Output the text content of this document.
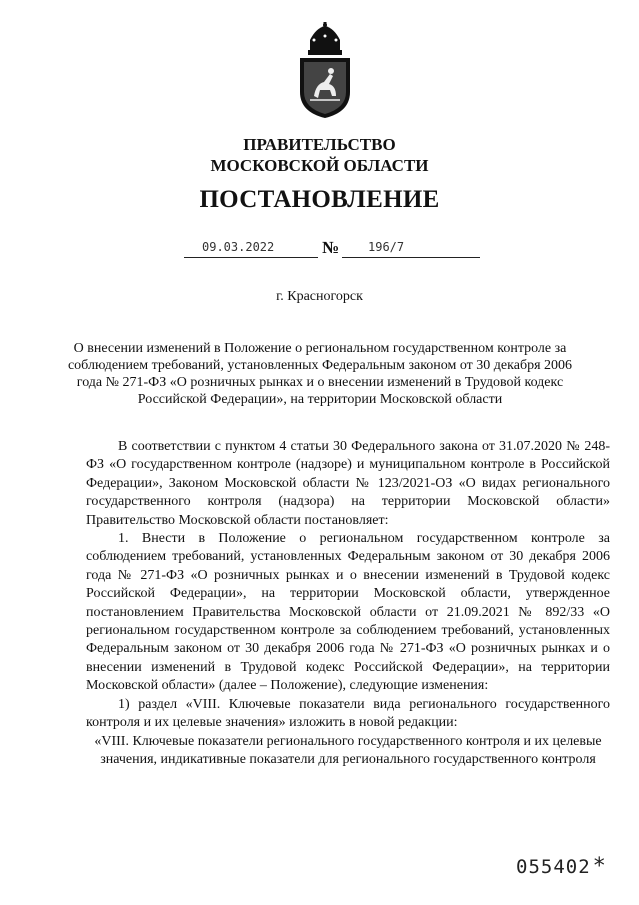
ПРАВИТЕЛЬСТВО
МОСКОВСКОЙ ОБЛАСТИ
ПОСТАНОВЛЕНИЕ
09.03.2022	№ 196/7
г. Красногорск
О внесении изменений в Положение о региональном государственном контроле за соблюдением требований, установленных Федеральным законом от 30 декабря 2006 года № 271-ФЗ «О розничных рынках и о внесении изменений в Трудовой кодекс Российской Федерации», на территории Московской области

В соответствии с пунктом 4 статьи 30 Федерального закона от 31.07.2020 № 248-ФЗ «О государственном контроле (надзоре) и муниципальном контроле в Российской Федерации», Законом Московской области № 123/2021-ОЗ «О видах регионального государственного контроля (надзора) на территории Московской области» Правительство Московской области постановляет:

1. Внести в Положение о региональном государственном контроле за соблюдением требований, установленных Федеральным законом от 30 декабря 2006 года № 271-ФЗ «О розничных рынках и о внесении изменений в Трудовой кодекс Российской Федерации», на территории Московской области, утвержденное постановлением Правительства Московской области от 21.09.2021 № 892/33 «О региональном государственном контроле за соблюдением требований, установленных Федеральным законом от 30 декабря 2006 года № 271-ФЗ «О розничных рынках и о внесении изменений в Трудовой кодекс Российской Федерации», на территории Московской области» (далее – Положение), следующие изменения:

1) раздел «VIII. Ключевые показатели вида регионального государственного контроля и их целевые значения» изложить в новой редакции:

«VIII. Ключевые показатели регионального государственного контроля и их целевые значения, индикативные показатели для регионального государственного контроля

055402*
